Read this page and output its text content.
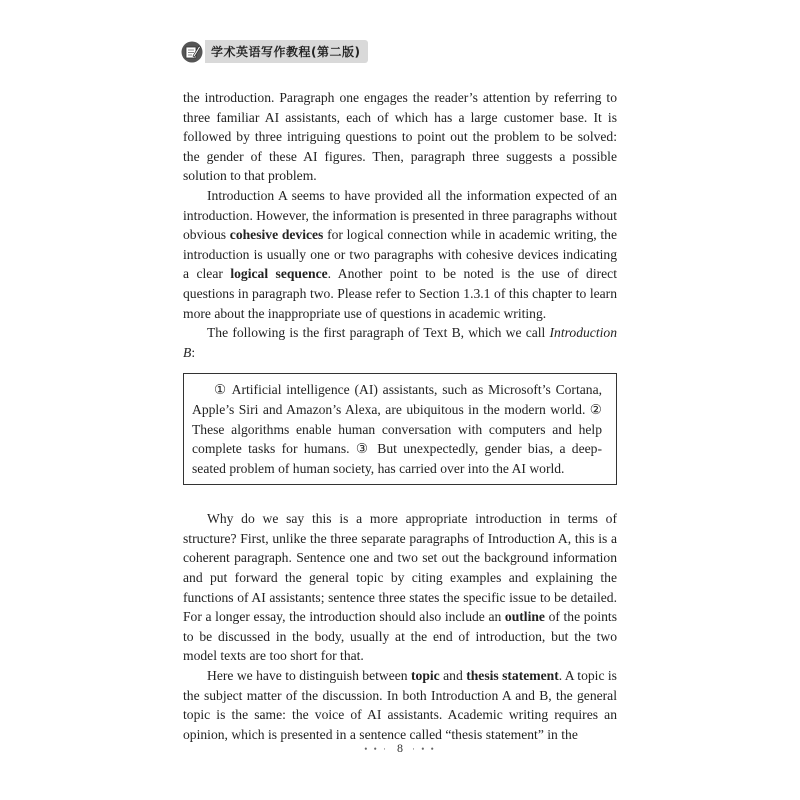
学术英语写作教程(第二版)

the introduction. Paragraph one engages the reader’s attention by referring to three familiar AI assistants, each of which has a large customer base. It is followed by three intriguing questions to point out the problem to be solved: the gender of these AI figures. Then, paragraph three suggests a possible solution to that problem.

Introduction A seems to have provided all the information expected of an introduction. However, the information is presented in three paragraphs without obvious cohesive devices for logical connection while in academic writing, the introduction is usually one or two paragraphs with cohesive devices indicating a clear logical sequence. Another point to be noted is the use of direct questions in paragraph two. Please refer to Section 1.3.1 of this chapter to learn more about the inappropriate use of questions in academic writing.

The following is the first paragraph of Text B, which we call Introduction B:

① Artificial intelligence (AI) assistants, such as Microsoft’s Cortana, Apple’s Siri and Amazon’s Alexa, are ubiquitous in the modern world. ② These algorithms enable human conversation with computers and help complete tasks for humans. ③ But unexpectedly, gender bias, a deep-seated problem of human society, has carried over into the AI world.

Why do we say this is a more appropriate introduction in terms of structure? First, unlike the three separate paragraphs of Introduction A, this is a coherent paragraph. Sentence one and two set out the background information and put forward the general topic by citing examples and explaining the functions of AI assistants; sentence three states the specific issue to be detailed. For a longer essay, the introduction should also include an outline of the points to be discussed in the body, usually at the end of introduction, but the two model texts are too short for that.

Here we have to distinguish between topic and thesis statement. A topic is the subject matter of the discussion. In both Introduction A and B, the general topic is the same: the voice of AI assistants. Academic writing requires an opinion, which is presented in a sentence called “thesis statement” in the

• • · 8 · • •
